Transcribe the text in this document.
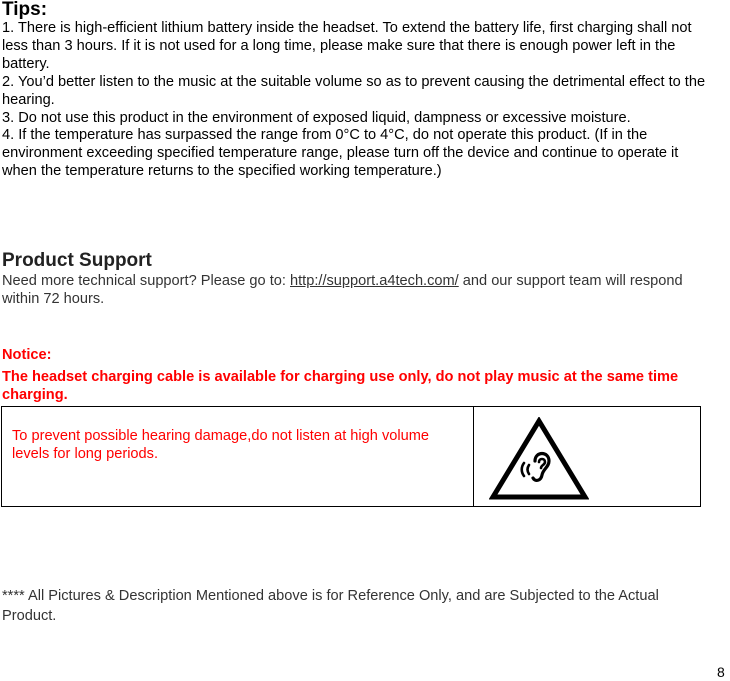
Tips:

1. There is high-efficient lithium battery inside the headset. To extend the battery life, first charging shall not less than 3 hours. If it is not used for a long time, please make sure that there is enough power left in the battery.

2. You’d better listen to the music at the suitable volume so as to prevent causing the detrimental effect to the hearing.

3. Do not use this product in the environment of exposed liquid, dampness or excessive moisture.

4. If the temperature has surpassed the range from 0°C to 4°C, do not operate this product. (If in the environment exceeding specified temperature range, please turn off the device and continue to operate it when the temperature returns to the specified working temperature.)

Product Support
Need more technical support? Please go to: http://support.a4tech.com/ and our support team will respond within 72 hours.
Notice:
The headset charging cable is available for charging use only, do not play music at the same time charging.
To prevent possible hearing damage,do not listen at high volume levels for long periods.
**** All Pictures & Description Mentioned above is for Reference Only, and are Subjected to the Actual Product.
8
